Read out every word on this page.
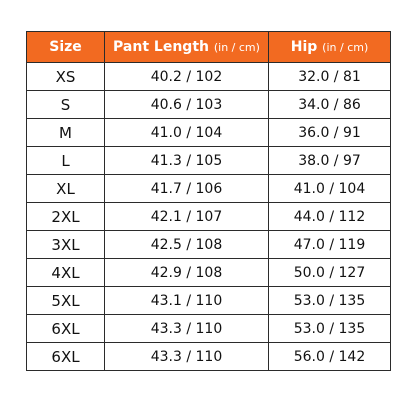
Size	Pant Length (in / cm)	Hip (in / cm)
XS	40.2 / 102	32.0 / 81
S	40.6 / 103	34.0 / 86
M	41.0 / 104	36.0 / 91
L	41.3 / 105	38.0 / 97
XL	41.7 / 106	41.0 / 104
2XL	42.1 / 107	44.0 / 112
3XL	42.5 / 108	47.0 / 119
4XL	42.9 / 108	50.0 / 127
5XL	43.1 / 110	53.0 / 135
6XL	43.3 / 110	53.0 / 135
6XL	43.3 / 110	56.0 / 142
